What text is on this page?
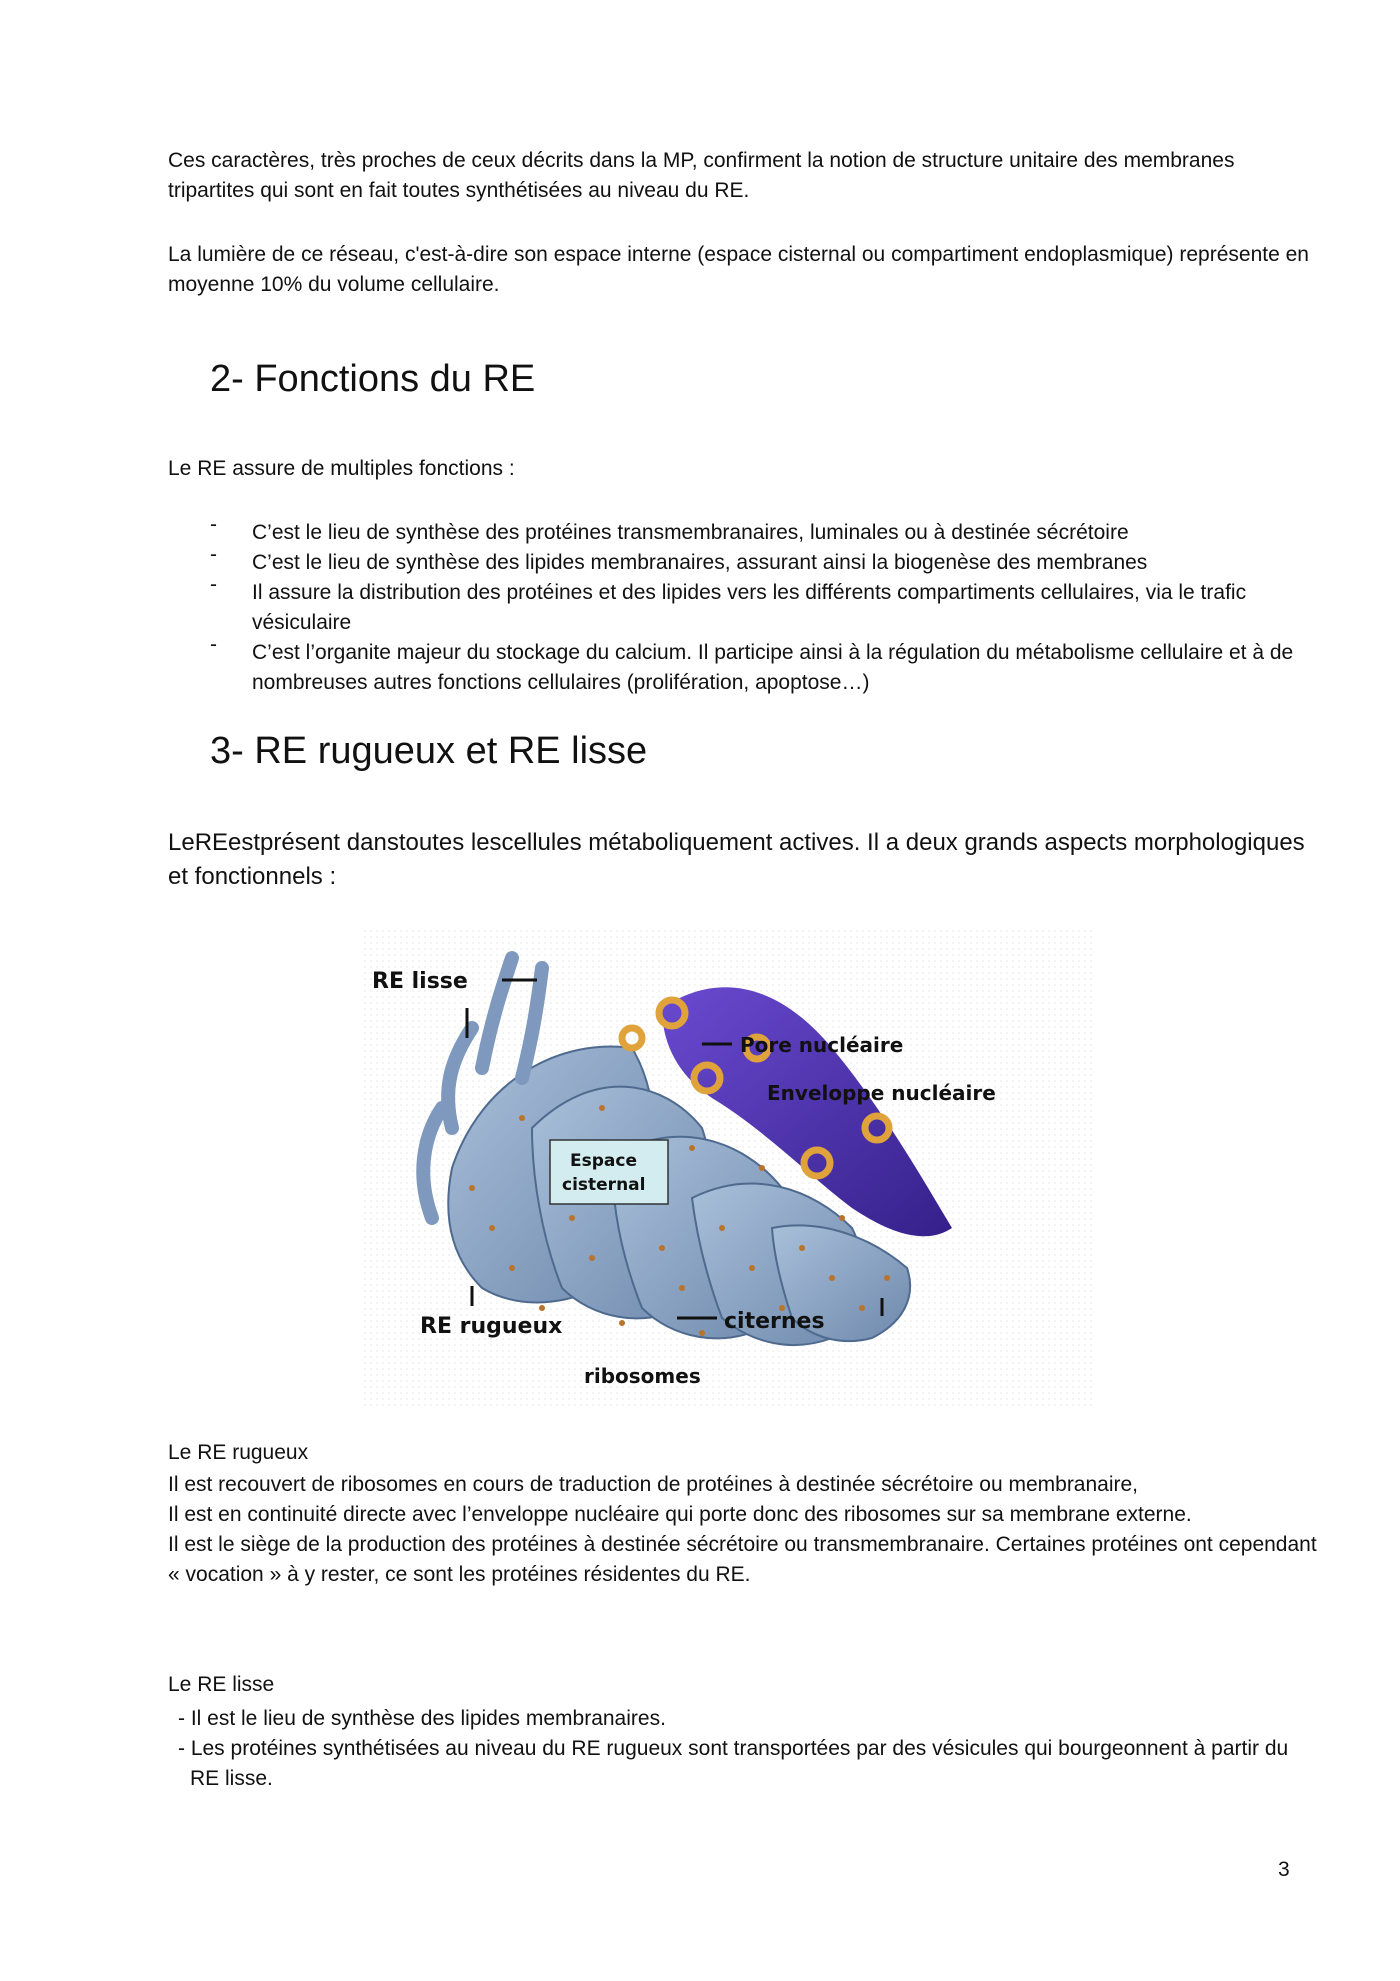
Ces caractères, très proches de ceux décrits dans la MP, confirment la notion de structure unitaire des membranes tripartites qui sont en fait toutes synthétisées au niveau du RE.

La lumière de ce réseau, c'est-à-dire son espace interne (espace cisternal ou compartiment endoplasmique) représente en moyenne 10% du volume cellulaire.

2- Fonctions du RE

Le RE assure de multiples fonctions :

- C’est le lieu de synthèse des protéines transmembranaires, luminales ou à destinée sécrétoire
- C’est le lieu de synthèse des lipides membranaires, assurant ainsi la biogenèse des membranes
- Il assure la distribution des protéines et des lipides vers les différents compartiments cellulaires, via le trafic vésiculaire
- C’est l’organite majeur du stockage du calcium. Il participe ainsi à la régulation du métabolisme cellulaire et à de nombreuses autres fonctions cellulaires (prolifération, apoptose…)
3- RE rugueux et RE lisse

LeREestprésent danstoutes lescellules métaboliquement actives. Il a deux grands aspects morphologiques et fonctionnels :

RE lisse
Pore nucléaire
Enveloppe nucléaire
Espace
cisternal
RE rugueux	citernes
ribosomes

Le RE rugueux

Il est recouvert de ribosomes en cours de traduction de protéines à destinée sécrétoire ou membranaire,

Il est en continuité directe avec l’enveloppe nucléaire qui porte donc des ribosomes sur sa membrane externe.

Il est le siège de la production des protéines à destinée sécrétoire ou transmembranaire. Certaines protéines ont cependant « vocation » à y rester, ce sont les protéines résidentes du RE.

Le RE lisse

- Il est le lieu de synthèse des lipides membranaires.
- Les protéines synthétisées au niveau du RE rugueux sont transportées par des vésicules qui bourgeonnent à partir du RE lisse.
3
